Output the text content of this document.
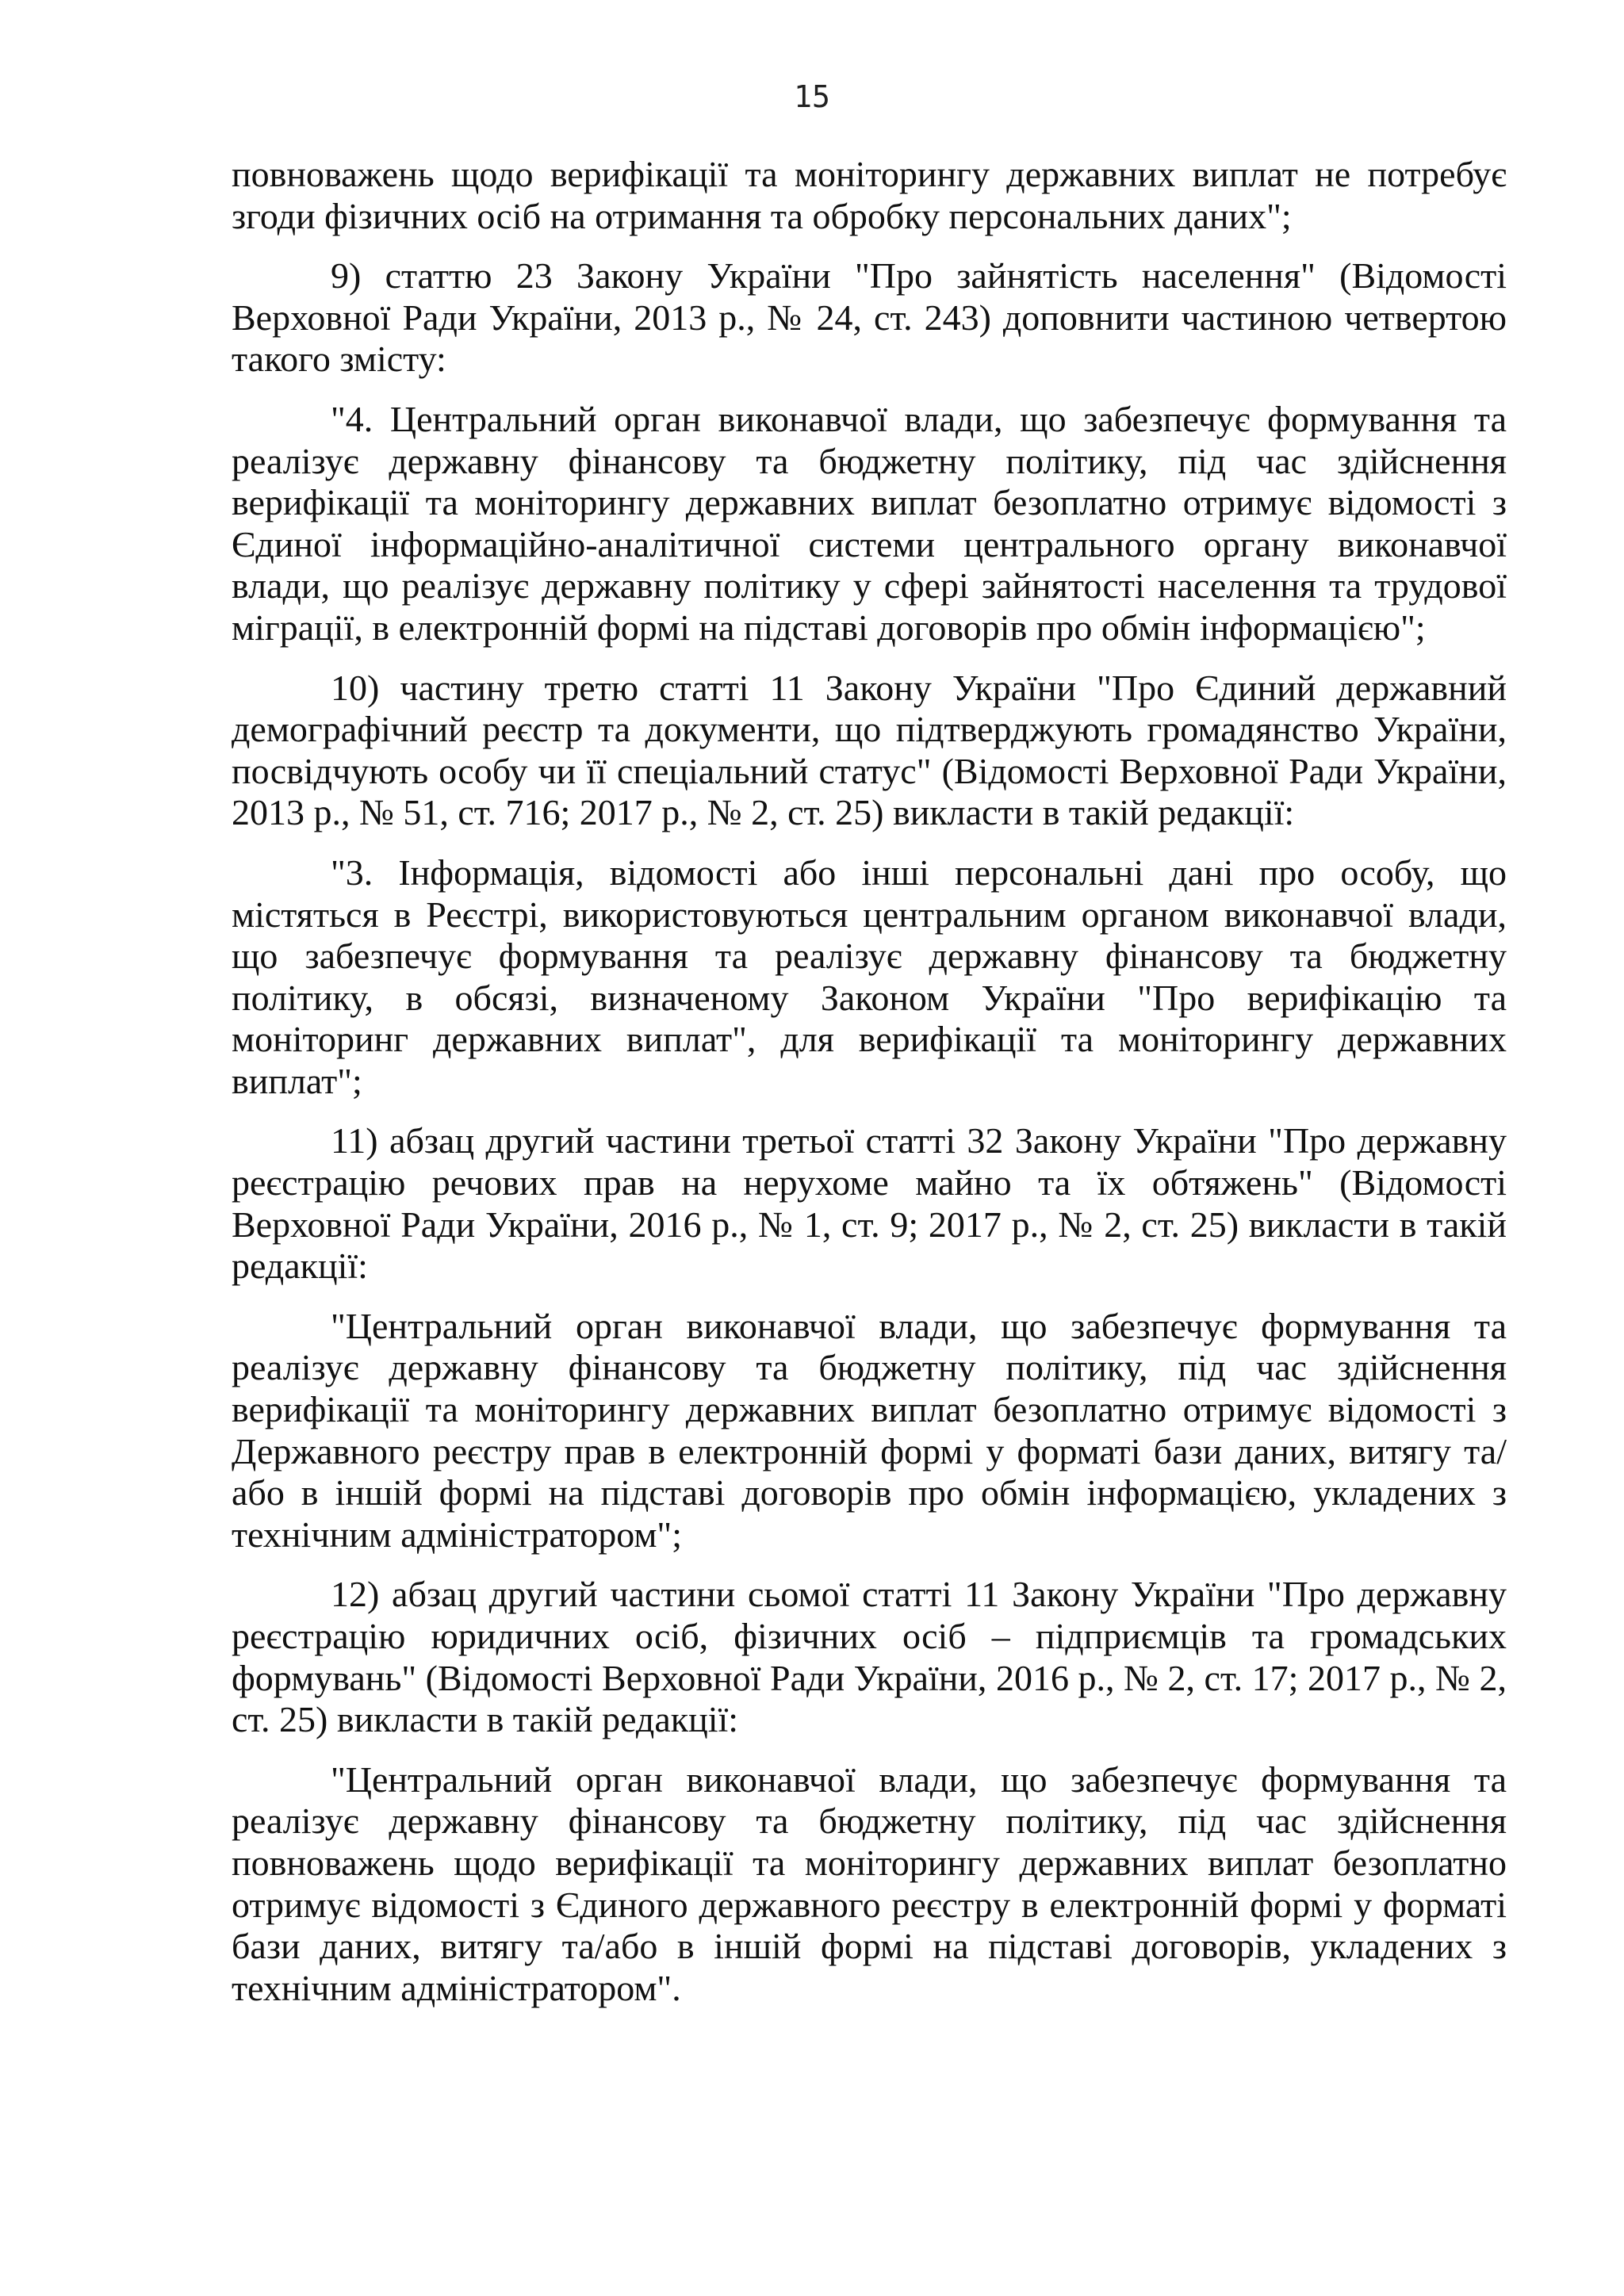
15

повноважень щодо верифікації та моніторингу державних виплат не потребує згоди фізичних осіб на отримання та обробку персональних даних";

9) статтю 23 Закону України "Про зайнятість населення" (Відомості Верховної Ради України, 2013 р., № 24, ст. 243) доповнити частиною четвертою такого змісту:

"4. Центральний орган виконавчої влади, що забезпечує формування та реалізує державну фінансову та бюджетну політику, під час здійснення верифікації та моніторингу державних виплат безоплатно отримує відомості з Єдиної інформаційно-аналітичної системи центрального органу виконавчої влади, що реалізує державну політику у сфері зайнятості населення та трудової міграції, в електронній формі на підставі договорів про обмін інформацією";

10) частину третю статті 11 Закону України "Про Єдиний державний демографічний реєстр та документи, що підтверджують громадянство України, посвідчують особу чи її спеціальний статус" (Відомості Верховної Ради України, 2013 р., № 51, ст. 716; 2017 р., № 2, ст. 25) викласти в такій редакції:

"3. Інформація, відомості або інші персональні дані про особу, що містяться в Реєстрі, використовуються центральним органом виконавчої влади, що забезпечує формування та реалізує державну фінансову та бюджетну політику, в обсязі, визначеному Законом України "Про верифікацію та моніторинг державних виплат", для верифікації та моніторингу державних виплат";

11) абзац другий частини третьої статті 32 Закону України "Про державну реєстрацію речових прав на нерухоме майно та їх обтяжень" (Відомості Верховної Ради України, 2016 р., № 1, ст. 9; 2017 р., № 2, ст. 25) викласти в такій редакції:

"Центральний орган виконавчої влади, що забезпечує формування та реалізує державну фінансову та бюджетну політику, під час здійснення верифікації та моніторингу державних виплат безоплатно отримує відомості з Державного реєстру прав в електронній формі у форматі бази даних, витягу та/або в іншій формі на підставі договорів про обмін інформацією, укладених з технічним адміністратором";

12) абзац другий частини сьомої статті 11 Закону України "Про державну реєстрацію юридичних осіб, фізичних осіб – підприємців та громадських формувань" (Відомості Верховної Ради України, 2016 р., № 2, ст. 17; 2017 р., № 2, ст. 25) викласти в такій редакції:

"Центральний орган виконавчої влади, що забезпечує формування та реалізує державну фінансову та бюджетну політику, під час здійснення повноважень щодо верифікації та моніторингу державних виплат безоплатно отримує відомості з Єдиного державного реєстру в електронній формі у форматі бази даних, витягу та/або в іншій формі на підставі договорів, укладених з технічним адміністратором".
